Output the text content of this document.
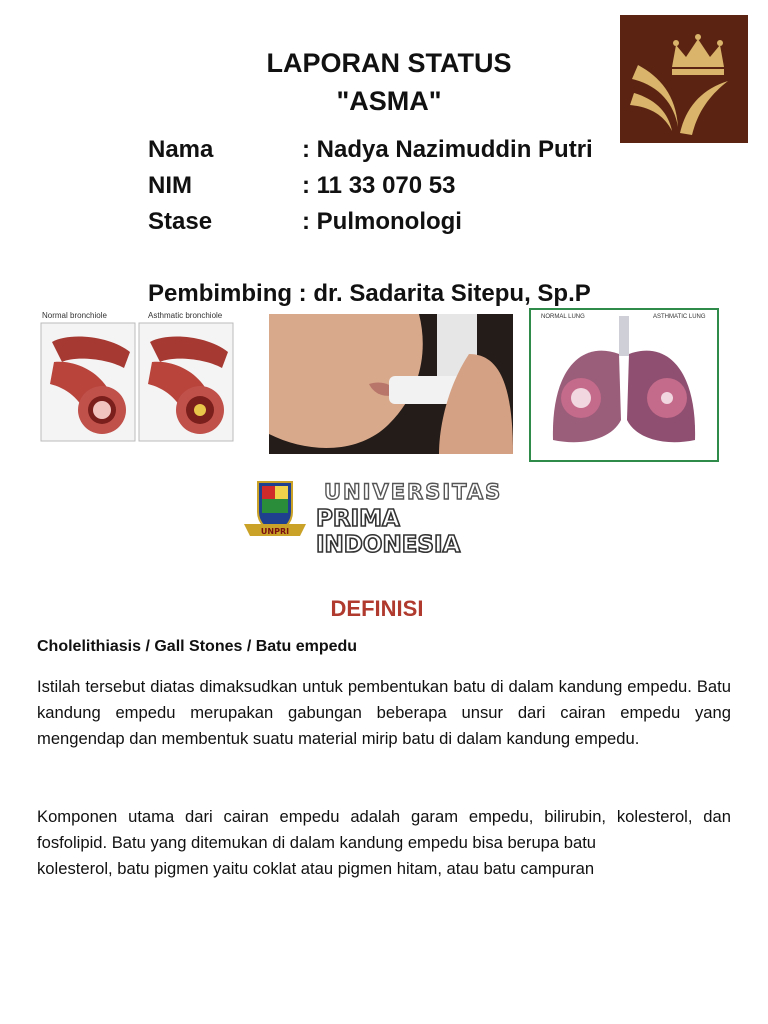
LAPORAN STATUS
"ASMA"
Nama	: Nadya Nazimuddin Putri
NIM	: 11 33 070 53
Stase	: Pulmonologi
Pembimbing : dr. Sadarita Sitepu, Sp.P
Normal bronchiole	Asthmatic bronchiole	NORMAL LUNG	ASTHMATIC LUNG
UNPRI
UNIVERSITAS
PRIMA INDONESIA
DEFINISI
Cholelithiasis / Gall Stones / Batu empedu
Istilah tersebut diatas dimaksudkan untuk pembentukan batu di dalam kandung empedu. Batu kandung empedu merupakan gabungan beberapa unsur dari cairan empedu yang mengendap dan membentuk suatu material mirip batu di dalam kandung empedu.
Komponen utama dari cairan empedu adalah garam empedu, bilirubin, kolesterol, dan fosfolipid. Batu yang ditemukan di dalam kandung empedu bisa berupa batu
kolesterol, batu pigmen yaitu coklat atau pigmen hitam, atau batu campuran
